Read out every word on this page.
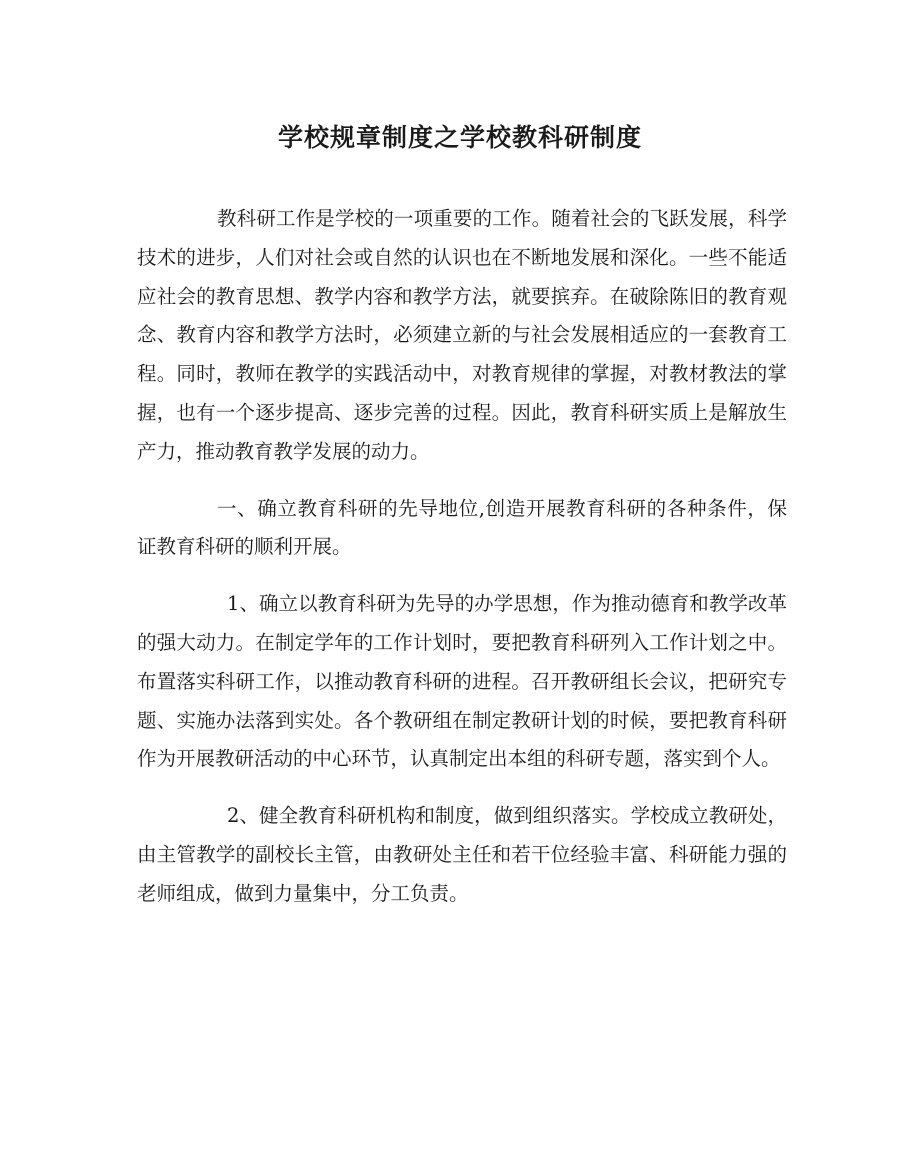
学校规章制度之学校教科研制度

教科研工作是学校的一项重要的工作。随着社会的飞跃发展，科学技术的进步，人们对社会或自然的认识也在不断地发展和深化。一些不能适应社会的教育思想、教学内容和教学方法，就要摈弃。在破除陈旧的教育观念、教育内容和教学方法时，必须建立新的与社会发展相适应的一套教育工程。同时，教师在教学的实践活动中，对教育规律的掌握，对教材教法的掌握，也有一个逐步提高、逐步完善的过程。因此，教育科研实质上是解放生产力，推动教育教学发展的动力。

一、确立教育科研的先导地位,创造开展教育科研的各种条件，保证教育科研的顺利开展。

1、确立以教育科研为先导的办学思想，作为推动德育和教学改革的强大动力。在制定学年的工作计划时，要把教育科研列入工作计划之中。布置落实科研工作，以推动教育科研的进程。召开教研组长会议，把研究专题、实施办法落到实处。各个教研组在制定教研计划的时候，要把教育科研作为开展教研活动的中心环节，认真制定出本组的科研专题，落实到个人。

2、健全教育科研机构和制度，做到组织落实。学校成立教研处，由主管教学的副校长主管，由教研处主任和若干位经验丰富、科研能力强的老师组成，做到力量集中，分工负责。
